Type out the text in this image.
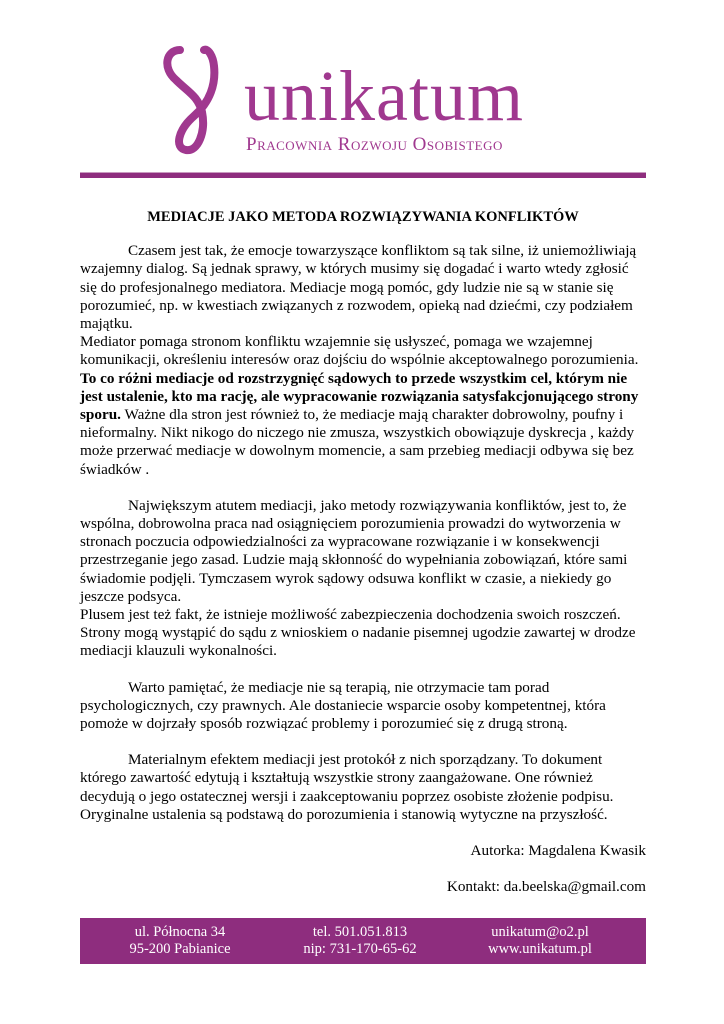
unikatum
Pracownia Rozwoju Osobistego
MEDIACJE JAKO METODA ROZWIĄZYWANIA KONFLIKTÓW

Czasem jest tak, że emocje towarzyszące konfliktom są tak silne, iż uniemożliwiają wzajemny dialog. Są jednak sprawy, w których musimy się dogadać i warto wtedy zgłosić się do profesjonalnego mediatora. Mediacje mogą pomóc, gdy ludzie nie są w stanie się porozumieć, np. w kwestiach związanych z rozwodem, opieką nad dziećmi, czy podziałem majątku.

Mediator pomaga stronom konfliktu wzajemnie się usłyszeć, pomaga we wzajemnej komunikacji, określeniu interesów oraz dojściu do wspólnie akceptowalnego porozumienia. To co różni mediacje od rozstrzygnięć sądowych to przede wszystkim cel, którym nie jest ustalenie, kto ma rację, ale wypracowanie rozwiązania satysfakcjonującego strony sporu. Ważne dla stron jest również to, że mediacje mają charakter dobrowolny, poufny i nieformalny. Nikt nikogo do niczego nie zmusza, wszystkich obowiązuje dyskrecja , każdy może przerwać mediacje w dowolnym momencie, a sam przebieg mediacji odbywa się bez świadków .

Największym atutem mediacji, jako metody rozwiązywania konfliktów, jest to, że wspólna, dobrowolna praca nad osiągnięciem porozumienia prowadzi do wytworzenia w stronach poczucia odpowiedzialności za wypracowane rozwiązanie i w konsekwencji przestrzeganie jego zasad. Ludzie mają skłonność do wypełniania zobowiązań, które sami świadomie podjęli. Tymczasem wyrok sądowy odsuwa konflikt w czasie, a niekiedy go jeszcze podsyca.

Plusem jest też fakt, że istnieje możliwość zabezpieczenia dochodzenia swoich roszczeń. Strony mogą wystąpić do sądu z wnioskiem o nadanie pisemnej ugodzie zawartej w drodze mediacji klauzuli wykonalności.

Warto pamiętać, że mediacje nie są terapią, nie otrzymacie tam porad psychologicznych, czy prawnych. Ale dostaniecie wsparcie osoby kompetentnej, która pomoże w dojrzały sposób rozwiązać problemy i porozumieć się z drugą stroną.

Materialnym efektem mediacji jest protokół z nich sporządzany. To dokument którego zawartość edytują i kształtują wszystkie strony zaangażowane. One również decydują o jego ostatecznej wersji i zaakceptowaniu poprzez osobiste złożenie podpisu. Oryginalne ustalenia są podstawą do porozumienia i stanowią wytyczne na przyszłość.

Autorka: Magdalena Kwasik

Kontakt: da.beelska@gmail.com

ul. Północna 34
95-200 Pabianice
tel. 501.051.813
nip: 731-170-65-62
unikatum@o2.pl
www.unikatum.pl
